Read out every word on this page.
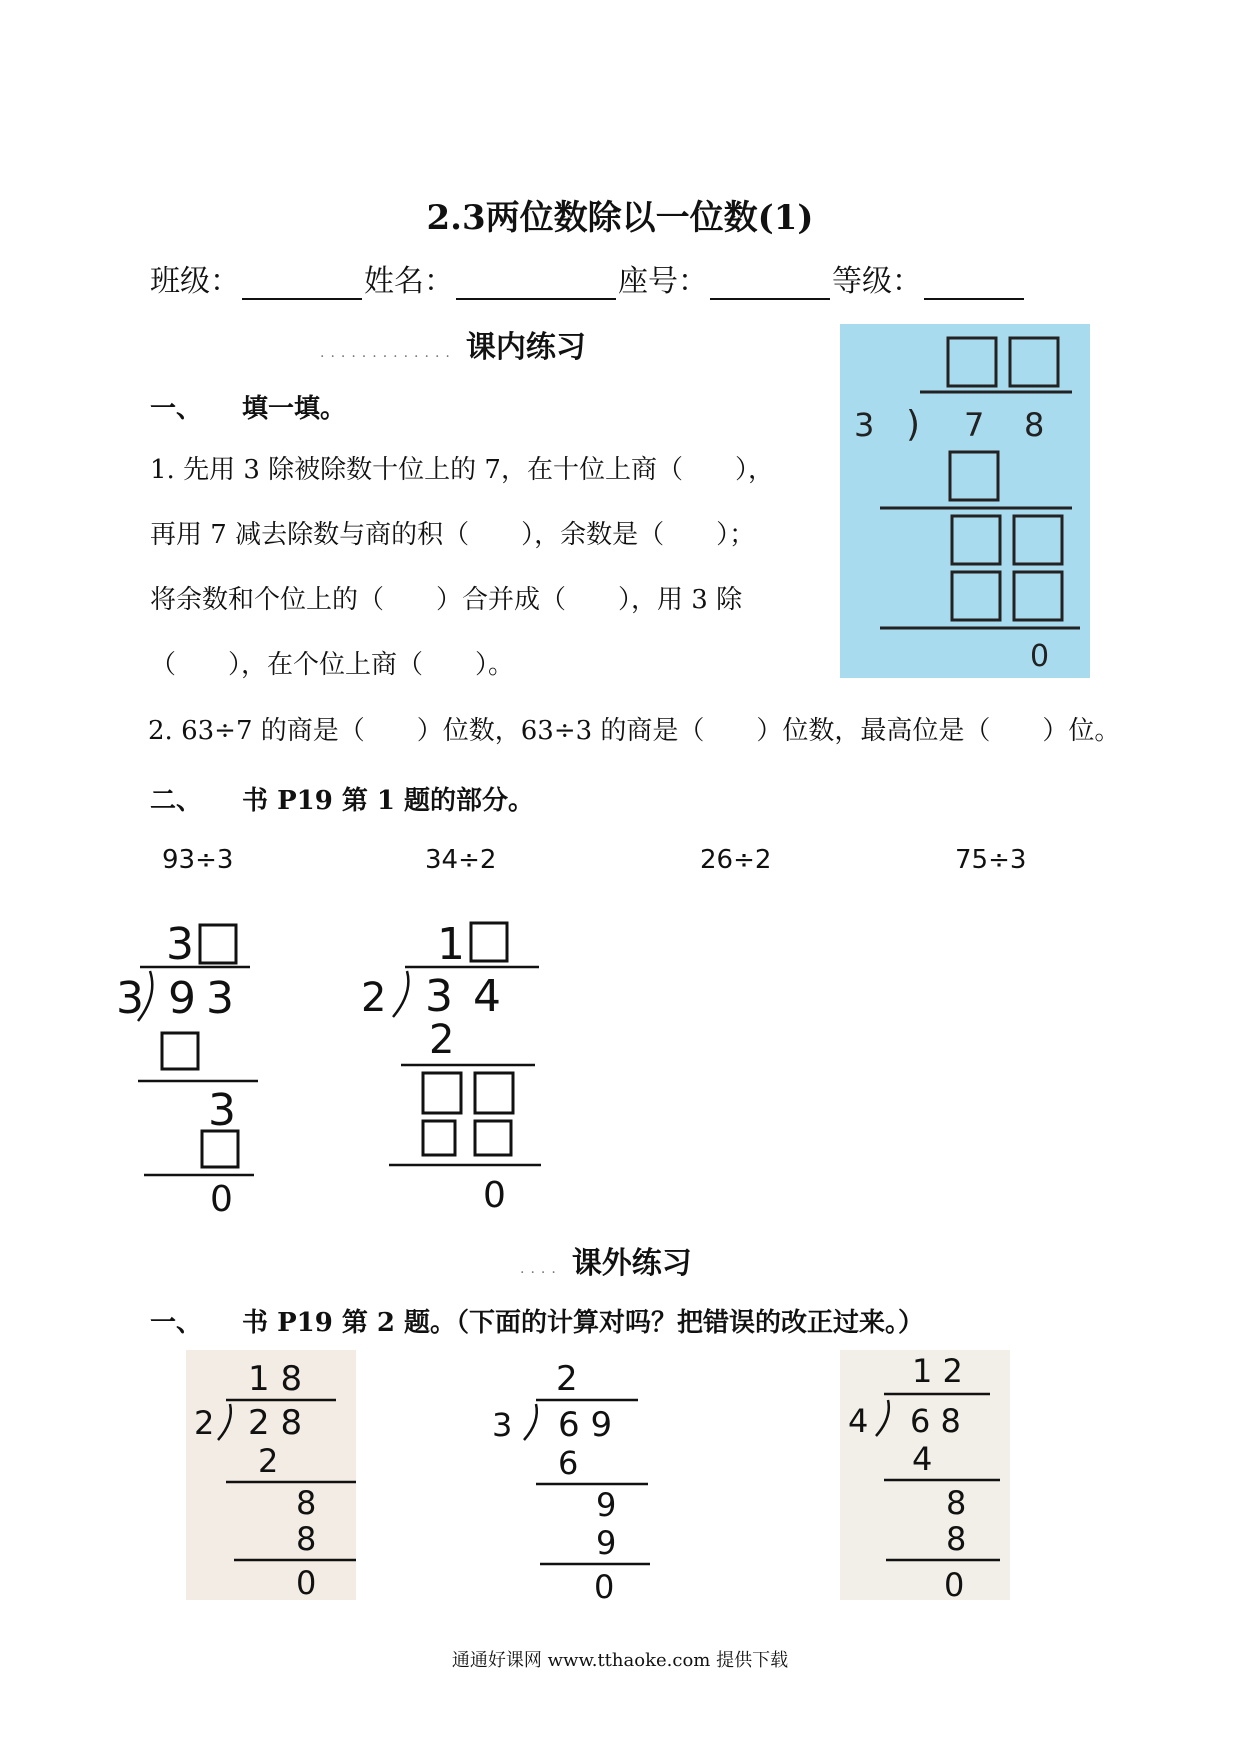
2.3两位数除以一位数(1)
班级：	姓名：	座号：	等级：
............. 课内练习
一、 填一填。
1. 先用 3 除被除数十位上的 7，在十位上商（　　），
再用 7 减去除数与商的积（　　），余数是（　　）；
将余数和个位上的（　　）合并成（　　），用 3 除
（　　），在个位上商（　　）。
2. 63÷7 的商是（　　）位数，63÷3 的商是（　　）位数，最高位是（　　）位。
3 ) 7 8
0
二、 书 P19 第 1 题的部分。
93÷3	34÷2	26÷2	75÷3
3
3 9 3
3
0
1
2 3 4
2
0
.... 课外练习
一、 书 P19 第 2 题。（下面的计算对吗？把错误的改正过来。）
1 8
2 2 8
2
8
8
0
2
3 6 9
6
9
9
0
1 2
4 6 8
4
8
8
0
通通好课网 www.tthaoke.com 提供下载
